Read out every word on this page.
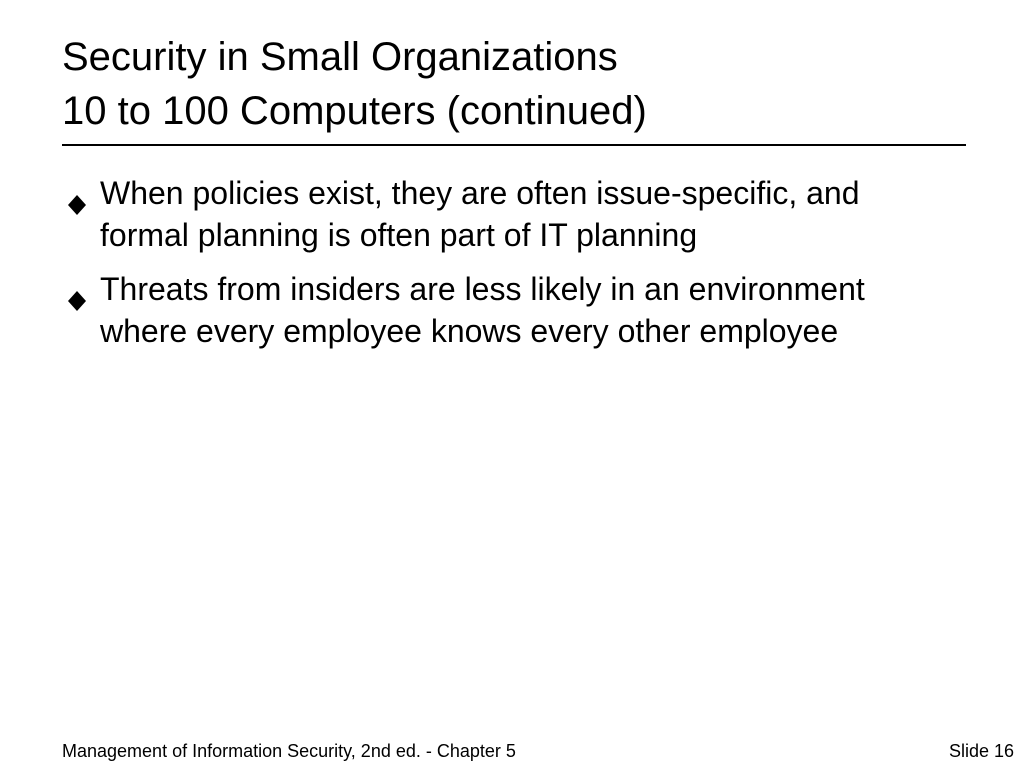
Security in Small Organizations
10 to 100 Computers (continued)
When policies exist, they are often issue-specific, and formal planning is often part of IT planning
Threats from insiders are less likely in an environment where every employee knows every other employee
Management of Information Security, 2nd ed. - Chapter 5	Slide 16
